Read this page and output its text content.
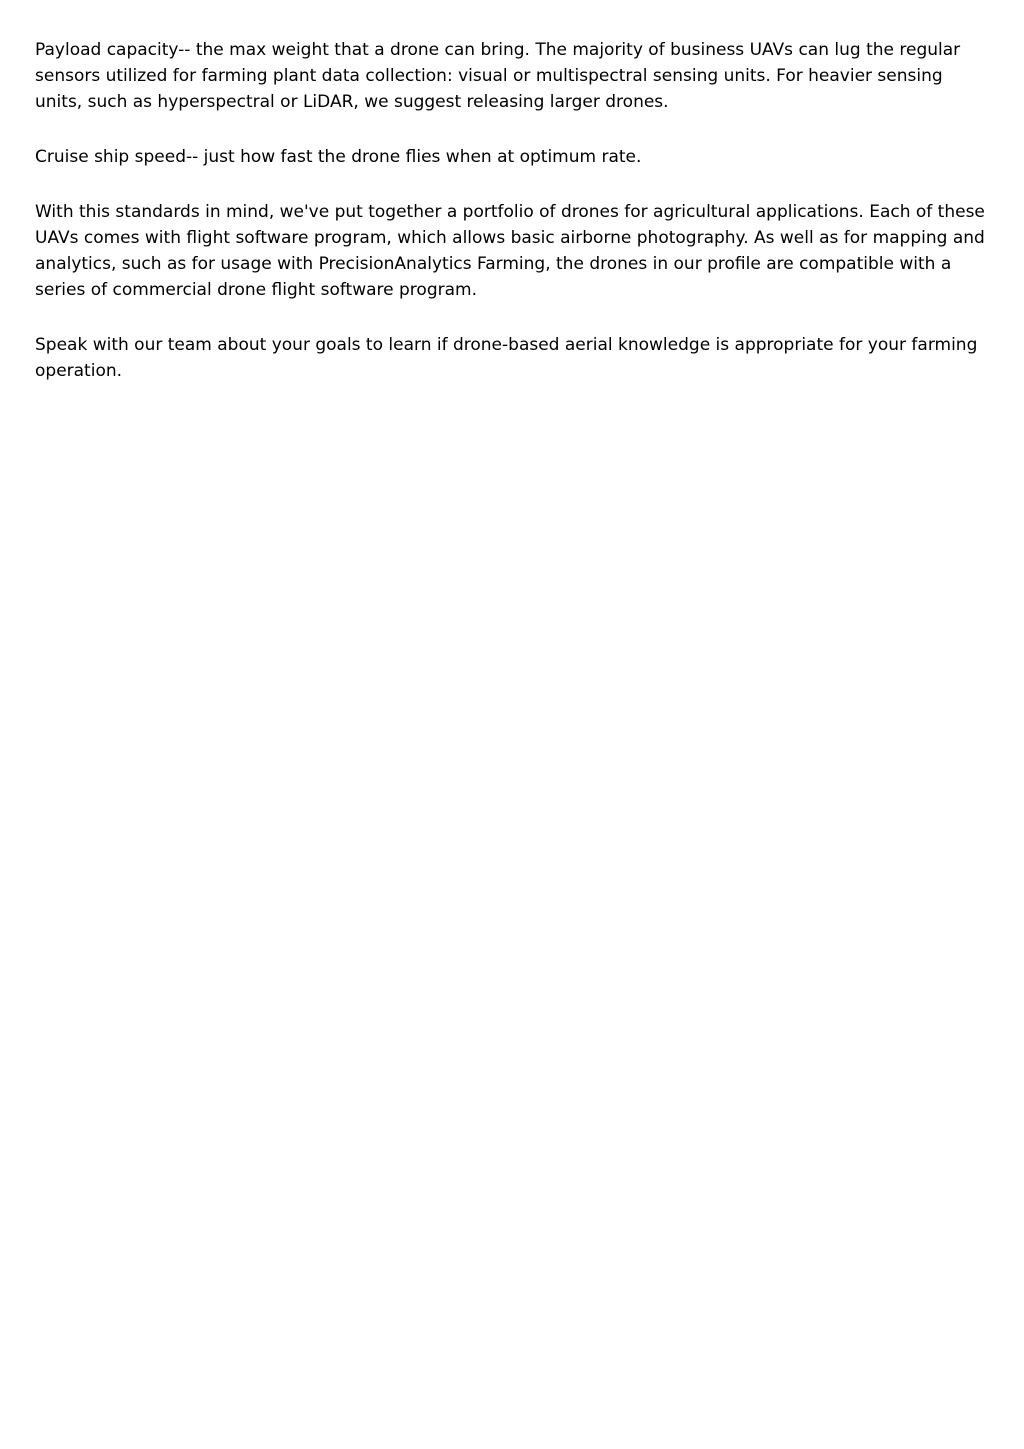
Payload capacity-- the max weight that a drone can bring. The majority of business UAVs can lug the regular sensors utilized for farming plant data collection: visual or multispectral sensing units. For heavier sensing units, such as hyperspectral or LiDAR, we suggest releasing larger drones.

Cruise ship speed-- just how fast the drone flies when at optimum rate.

With this standards in mind, we've put together a portfolio of drones for agricultural applications. Each of these UAVs comes with flight software program, which allows basic airborne photography. As well as for mapping and analytics, such as for usage with PrecisionAnalytics Farming, the drones in our profile are compatible with a series of commercial drone flight software program.

Speak with our team about your goals to learn if drone-based aerial knowledge is appropriate for your farming operation.
